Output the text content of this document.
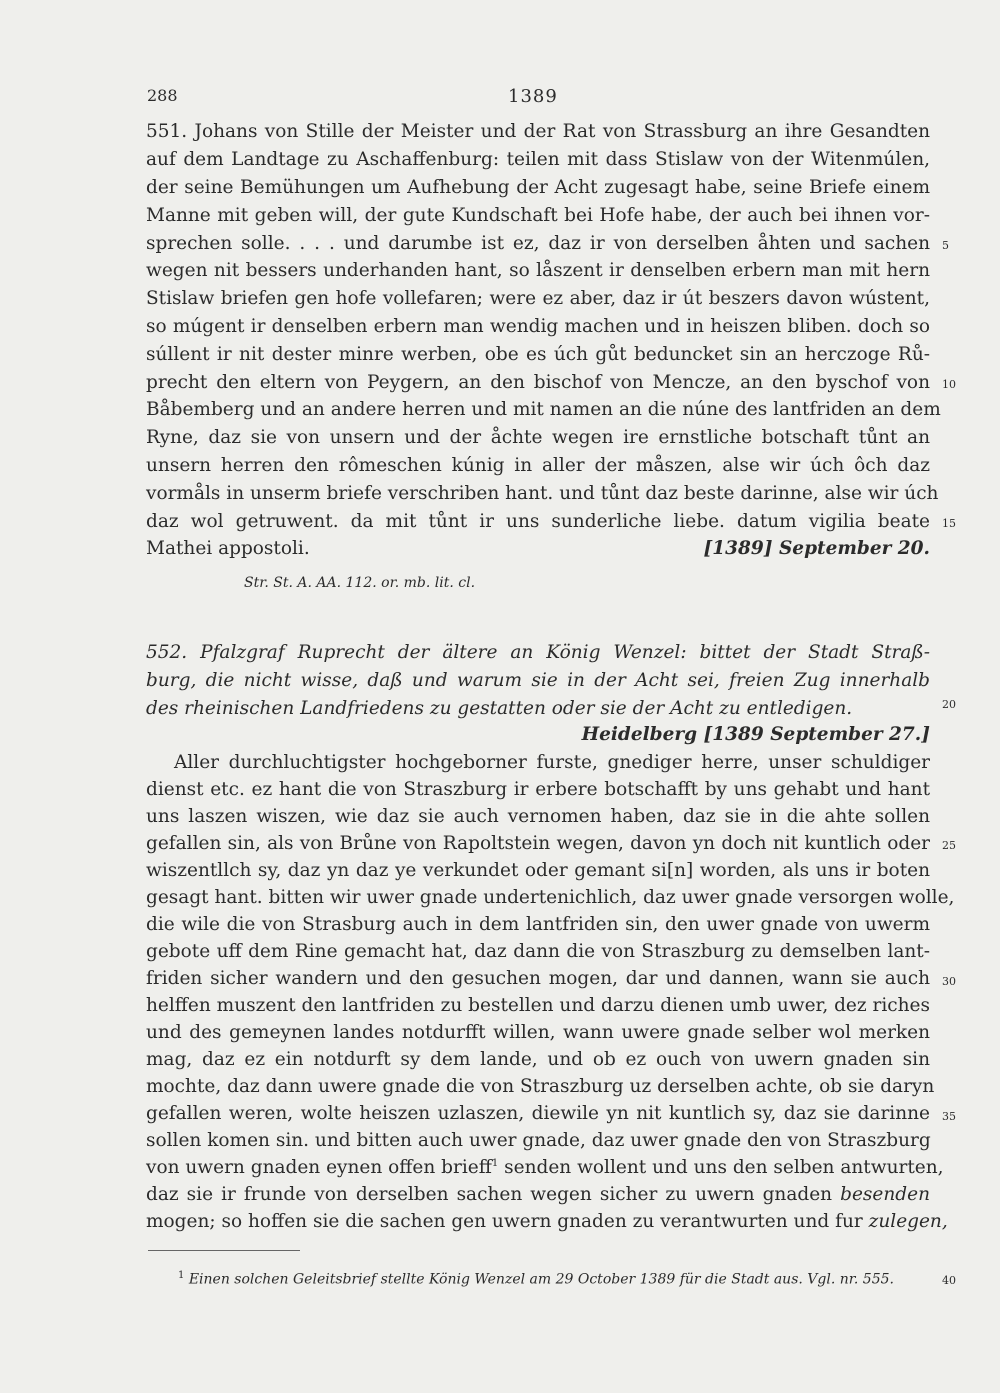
288	1389
551. Johans von Stille der Meister und der Rat von Strassburg an ihre Gesandten
auf dem Landtage zu Aschaffenburg: teilen mit dass Stislaw von der Witenmúlen,
der seine Bemühungen um Aufhebung der Acht zugesagt habe, seine Briefe einem
Manne mit geben will, der gute Kundschaft bei Hofe habe, der auch bei ihnen vor-
sprechen solle. . . . und darumbe ist ez, daz ir von derselben åhten und sachen
wegen nit bessers underhanden hant, so låszent ir denselben erbern man mit hern
Stislaw briefen gen hofe vollefaren; were ez aber, daz ir út beszers davon wústent,
so múgent ir denselben erbern man wendig machen und in heiszen bliben. doch so
súllent ir nit dester minre werben, obe es úch gůt beduncket sin an herczoge Rů-
precht den eltern von Peygern, an den bischof von Mencze, an den byschof von
Båbemberg und an andere herren und mit namen an die núne des lantfriden an dem
Ryne, daz sie von unsern und der åchte wegen ire ernstliche botschaft tůnt an
unsern herren den rômeschen kúnig in aller der måszen, alse wir úch ôch daz
vormåls in unserm briefe verschriben hant. und tůnt daz beste darinne, alse wir úch
daz wol getruwent. da mit tůnt ir uns sunderliche liebe. datum vigilia beate
Mathei appostoli.	[1389] September 20.
Str. St. A. AA. 112. or. mb. lit. cl.
552. Pfalzgraf Ruprecht der ältere an König Wenzel: bittet der Stadt Straß-
burg, die nicht wisse, daß und warum sie in der Acht sei, freien Zug innerhalb
des rheinischen Landfriedens zu gestatten oder sie der Acht zu entledigen.
Heidelberg [1389 September 27.]
Aller durchluchtigster hochgeborner furste, gnediger herre, unser schuldiger
dienst etc. ez hant die von Straszburg ir erbere botschafft by uns gehabt und hant
uns laszen wiszen, wie daz sie auch vernomen haben, daz sie in die ahte sollen
gefallen sin, als von Brůne von Rapoltstein wegen, davon yn doch nit kuntlich oder
wiszentllch sy, daz yn daz ye verkundet oder gemant si[n] worden, als uns ir boten
gesagt hant. bitten wir uwer gnade undertenichlich, daz uwer gnade versorgen wolle,
die wile die von Strasburg auch in dem lantfriden sin, den uwer gnade von uwerm
gebote uff dem Rine gemacht hat, daz dann die von Straszburg zu demselben lant-
friden sicher wandern und den gesuchen mogen, dar und dannen, wann sie auch
helffen muszent den lantfriden zu bestellen und darzu dienen umb uwer, dez riches
und des gemeynen landes notdurfft willen, wann uwere gnade selber wol merken
mag, daz ez ein notdurft sy dem lande, und ob ez ouch von uwern gnaden sin
mochte, daz dann uwere gnade die von Straszburg uz derselben achte, ob sie daryn
gefallen weren, wolte heiszen uzlaszen, diewile yn nit kuntlich sy, daz sie darinne
sollen komen sin. und bitten auch uwer gnade, daz uwer gnade den von Straszburg
von uwern gnaden eynen offen brieff$^1$ senden wollent und uns den selben antwurten,
daz sie ir frunde von derselben sachen wegen sicher zu uwern gnaden besenden
mogen; so hoffen sie die sachen gen uwern gnaden zu verantwurten und fur zulegen,
5
10
15
20
25
30
35
$^1$ Einen solchen Geleitsbrief stellte König Wenzel am 29 October 1389 für die Stadt aus. Vgl. nr. 555.	40
